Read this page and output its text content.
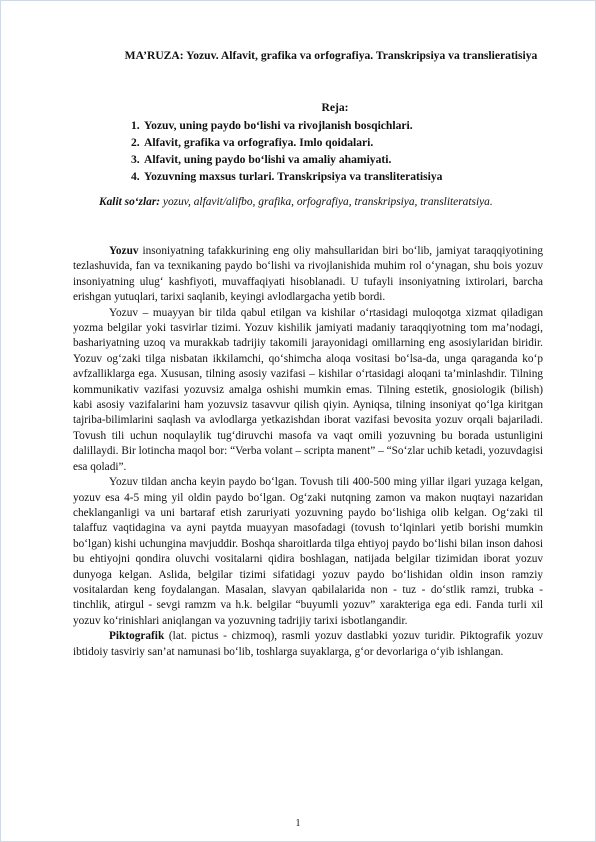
MA’RUZA: Yozuv. Alfavit, grafika va orfografiya. Transkripsiya va translieratisiya
Reja:
1. Yozuv, uning paydo boʻlishi va rivojlanish bosqichlari.
2. Alfavit, grafika va orfografiya. Imlo qoidalari.
3. Alfavit, uning paydo boʻlishi va amaliy ahamiyati.
4. Yozuvning maxsus turlari. Transkripsiya va transliteratisiya
Kalit soʻzlar: yozuv, alfavit/alifbo, grafika, orfografiya, transkripsiya, transliteratsiya.

Yozuv insoniyatning tafakkurining eng oliy mahsullaridan biri boʻlib, jamiyat taraqqiyotining tezlashuvida, fan va texnikaning paydo boʻlishi va rivojlanishida muhim rol oʻynagan, shu bois yozuv insoniyatning ulugʻ kashfiyoti, muvaffaqiyati hisoblanadi. U tufayli insoniyatning ixtirolari, barcha erishgan yutuqlari, tarixi saqlanib, keyingi avlodlargacha yetib bordi.

Yozuv – muayyan bir tilda qabul etilgan va kishilar oʻrtasidagi muloqotga xizmat qiladigan yozma belgilar yoki tasvirlar tizimi. Yozuv kishilik jamiyati madaniy taraqqiyotning tom ma’nodagi, bashariyatning uzoq va murakkab tadrijiy takomili jarayonidagi omillarning eng asosiylaridan biridir. Yozuv ogʻzaki tilga nisbatan ikkilamchi, qoʻshimcha aloqa vositasi boʻlsa-da, unga qaraganda koʻp avfzalliklarga ega. Xususan, tilning asosiy vazifasi – kishilar oʻrtasidagi aloqani ta’minlashdir. Tilning kommunikativ vazifasi yozuvsiz amalga oshishi mumkin emas. Tilning estetik, gnosiologik (bilish) kabi asosiy vazifalarini ham yozuvsiz tasavvur qilish qiyin. Ayniqsa, tilning insoniyat qoʻlga kiritgan tajriba-bilimlarini saqlash va avlodlarga yetkazishdan iborat vazifasi bevosita yozuv orqali bajariladi. Tovush tili uchun noqulaylik tugʻdiruvchi masofa va vaqt omili yozuvning bu borada ustunligini dalillaydi. Bir lotincha maqol bor: “Verba volant – scripta manent” – “Soʻzlar uchib ketadi, yozuvdagisi esa qoladi”.

Yozuv tildan ancha keyin paydo boʻlgan. Tovush tili 400-500 ming yillar ilgari yuzaga kelgan, yozuv esa 4-5 ming yil oldin paydo boʻlgan. Ogʻzaki nutqning zamon va makon nuqtayi nazaridan cheklanganligi va uni bartaraf etish zaruriyati yozuvning paydo boʻlishiga olib kelgan. Ogʻzaki til talaffuz vaqtidagina va ayni paytda muayyan masofadagi (tovush toʻlqinlari yetib borishi mumkin boʻlgan) kishi uchungina mavjuddir. Boshqa sharoitlarda tilga ehtiyoj paydo boʻlishi bilan inson dahosi bu ehtiyojni qondira oluvchi vositalarni qidira boshlagan, natijada belgilar tizimidan iborat yozuv dunyoga kelgan. Aslida, belgilar tizimi sifatidagi yozuv paydo boʻlishidan oldin inson ramziy vositalardan keng foydalangan. Masalan, slavyan qabilalarida non - tuz - doʻstlik ramzi, trubka - tinchlik, atirgul - sevgi ramzm va h.k. belgilar “buyumli yozuv” xarakteriga ega edi. Fanda turli xil yozuv koʻrinishlari aniqlangan va yozuvning tadrijiy tarixi isbotlangandir.

Piktografik (lat. pictus - chizmoq), rasmli yozuv dastlabki yozuv turidir. Piktografik yozuv ibtidoiy tasviriy san’at namunasi boʻlib, toshlarga suyaklarga, gʻor devorlariga oʻyib ishlangan.

1
